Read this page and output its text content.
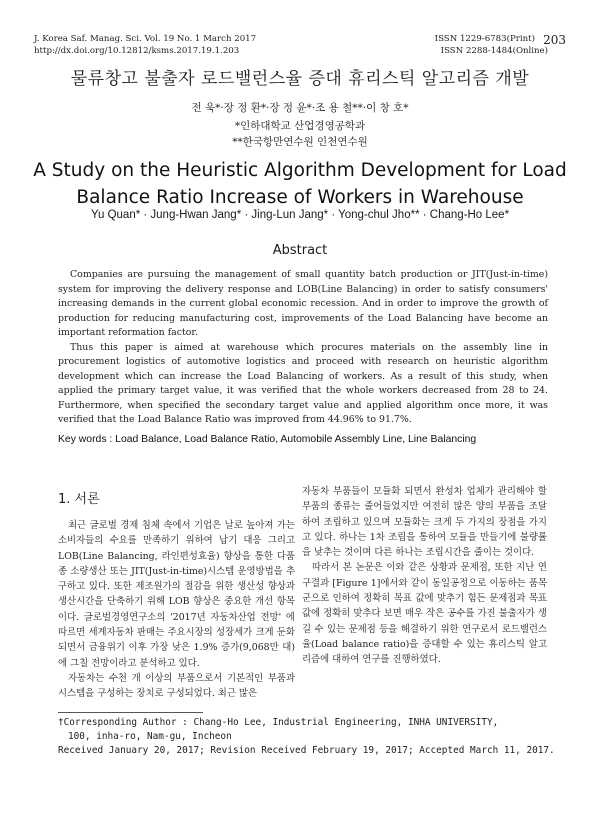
J. Korea Saf. Manag. Sci. Vol. 19 No. 1 March 2017
http://dx.doi.org/10.12812/ksms.2017.19.1.203
ISSN 1229-6783(Print)
ISSN 2288-1484(Online)
203
물류창고 불출자 로드밸런스율 증대 휴리스틱 알고리즘 개발
전 욱*·장 정 환*·장 정 윤*·조 용 철**·이 창 호*
*인하대학교 산업경영공학과
**한국항만연수원 인천연수원
A Study on the Heuristic Algorithm Development for Load
Balance Ratio Increase of Workers in Warehouse
Yu Quan* · Jung-Hwan Jang* · Jing-Lun Jang* · Yong-chul Jho** · Chang-Ho Lee*
Abstract

Companies are pursuing the management of small quantity batch production or JIT(Just-in-time) system for improving the delivery response and LOB(Line Balancing) in order to satisfy consumers' increasing demands in the current global economic recession. And in order to improve the growth of production for reducing manufacturing cost, improvements of the Load Balancing have become an important reformation factor.

Thus this paper is aimed at warehouse which procures materials on the assembly line in procurement logistics of automotive logistics and proceed with research on heuristic algorithm development which can increase the Load Balancing of workers. As a result of this study, when applied the primary target value, it was verified that the whole workers decreased from 28 to 24. Furthermore, when specified the secondary target value and applied algorithm once more, it was verified that the Load Balance Ratio was improved from 44.96% to 91.7%.

Key words : Load Balance, Load Balance Ratio, Automobile Assembly Line, Line Balancing
1. 서론

최근 글로벌 경제 침체 속에서 기업은 날로 높아져 가는 소비자들의 수요를 만족하기 위하여 납기 대응 그리고 LOB(Line Balancing, 라인편성효율) 향상을 통한 다품종 소량생산 또는 JIT(Just-in-time)시스템 운영방법을 추구하고 있다. 또한 제조원가의 절감을 위한 생산성 향상과 생산시간을 단축하기 위해 LOB 향상은 중요한 개선 항목이다. 글로벌경영연구소의 '2017년 자동차산업 전망' 에 따르면 세계자동차 판매는 주요시장의 성장세가 크게 둔화되면서 금융위기 이후 가장 낮은 1.9% 증가(9,068만 대)에 그칠 전망이라고 분석하고 있다.

자동차는 수천 개 이상의 부품으로서 기본적인 부품과 시스템을 구성하는 장치로 구성되었다. 최근 많은

자동차 부품들이 모듈화 되면서 완성차 업체가 관리해야 할 부품의 종류는 줄어들었지만 여전히 많은 양의 부품을 조달하여 조립하고 있으며 모듈화는 크게 두 가지의 장점을 가지고 있다. 하나는 1차 조립을 통하여 모듈을 만들기에 불량률을 낮추는 것이며 다른 하나는 조립시간을 줄이는 것이다.

따라서 본 논문은 이와 같은 상황과 문제점, 또한 지난 연구결과 [Figure 1]에서와 같이 동일공정으로 이동하는 품목군으로 인하여 정확히 목표 값에 맞추기 힘든 문제점과 목표 값에 정확히 맞추다 보면 매우 작은 공수를 가진 불출자가 생길 수 있는 문제점 등을 해결하기 위한 연구로서 로드밸런스율(Load balance ratio)을 증대할 수 있는 휴리스틱 알고리즘에 대하여 연구를 진행하였다.

†Corresponding Author : Chang-Ho Lee, Industrial Engineering, INHA UNIVERSITY,
100, inha-ro, Nam-gu, Incheon
Received January 20, 2017; Revision Received February 19, 2017; Accepted March 11, 2017.
